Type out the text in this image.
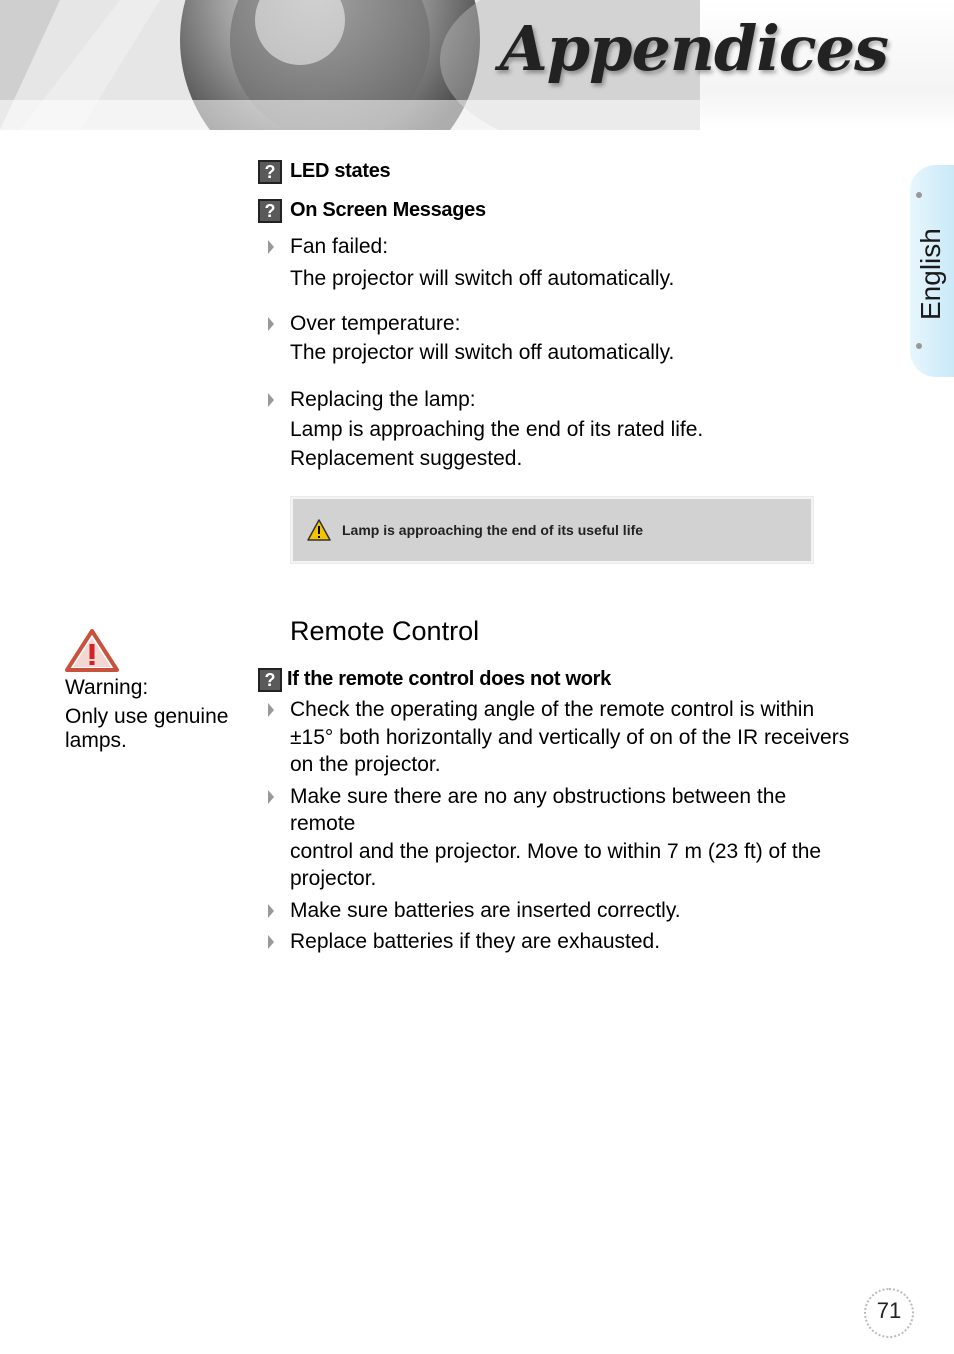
Appendices
English
? LED states
? On Screen Messages
Fan failed:
The projector will switch off automatically.
Over temperature:
The projector will switch off automatically.
Replacing the lamp:
Lamp is approaching the end of its rated life.
Replacement suggested.
Lamp is approaching the end of its useful life
Remote Control
Warning:
Only use genuine
lamps.
? If the remote control does not work
Check the operating angle of the remote control is within
±15° both horizontally and vertically of on of the IR receivers
on the projector.
Make sure there are no any obstructions between the
remote
control and the projector. Move to within 7 m (23 ft) of the
projector.
Make sure batteries are inserted correctly.
Replace batteries if they are exhausted.
71
